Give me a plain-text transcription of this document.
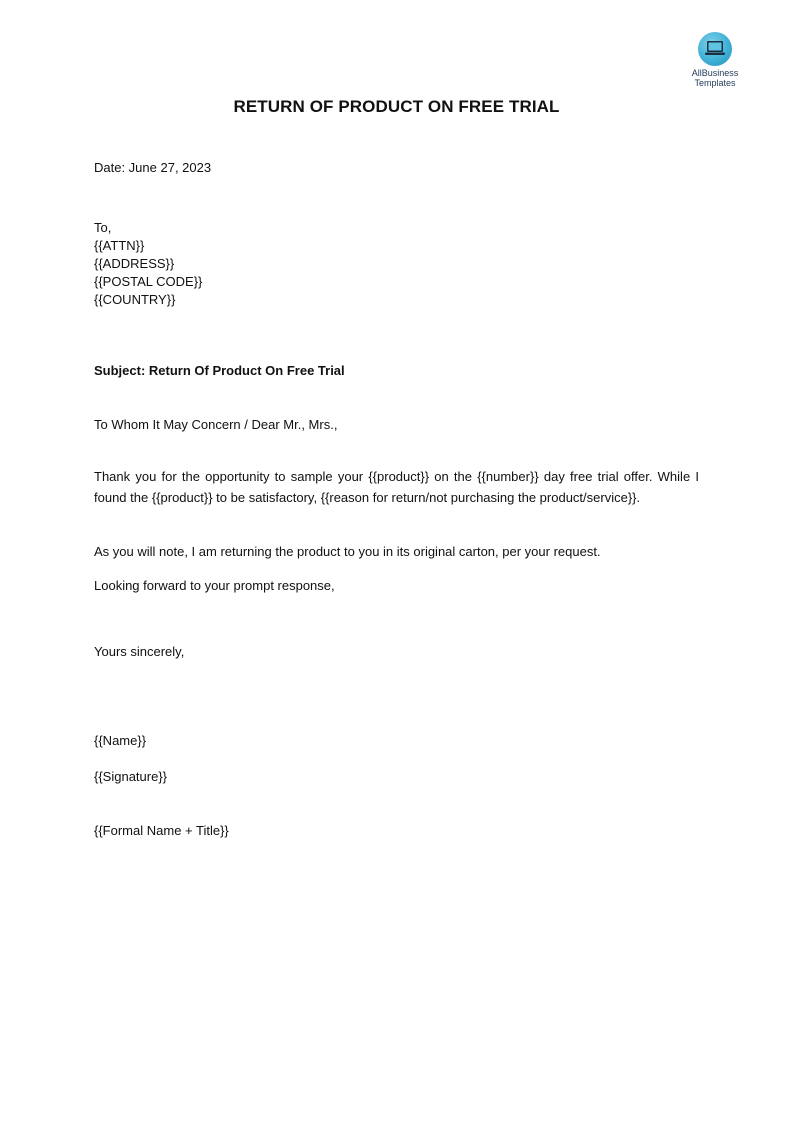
AllBusiness
Templates
RETURN OF PRODUCT ON FREE TRIAL
Date: June 27, 2023
To,
{{ATTN}}
{{ADDRESS}}
{{POSTAL CODE}}
{{COUNTRY}}
Subject: Return Of Product On Free Trial
To Whom It May Concern / Dear Mr., Mrs.,
Thank you for the opportunity to sample your {{product}} on the {{number}} day free trial offer. While I found the {{product}} to be satisfactory, {{reason for return/not purchasing the product/service}}.
As you will note, I am returning the product to you in its original carton, per your request.
Looking forward to your prompt response,
Yours sincerely,
{{Name}}
{{Signature}}
{{Formal Name + Title}}
